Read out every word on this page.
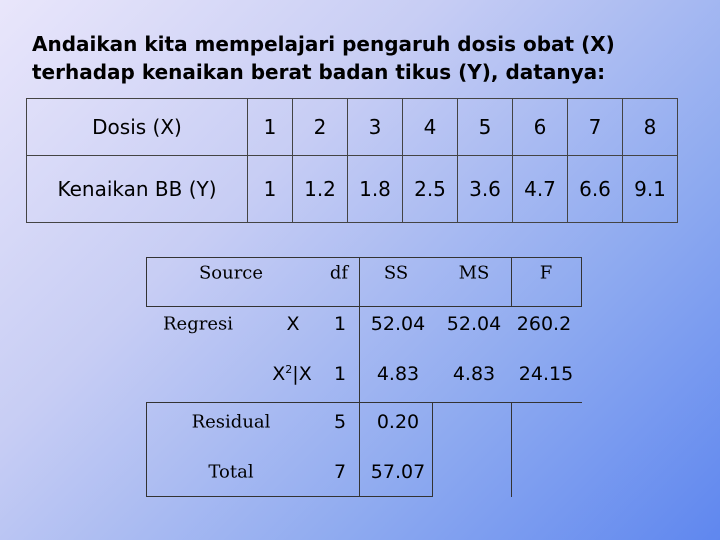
Andaikan kita mempelajari pengaruh dosis obat (X)
terhadap kenaikan berat badan tikus (Y), datanya:
Dosis (X)	1	2	3	4	5	6	7	8
Kenaikan BB (Y)	1	1.2	1.8	2.5	3.6	4.7	6.6	9.1
Source	df SS	MS	F
Regresi	X 1 52.04 52.04 260.2
$X^2|X$ 1 4.83 4.83 24.15
Residual	5 0.20
Total	7 57.07
